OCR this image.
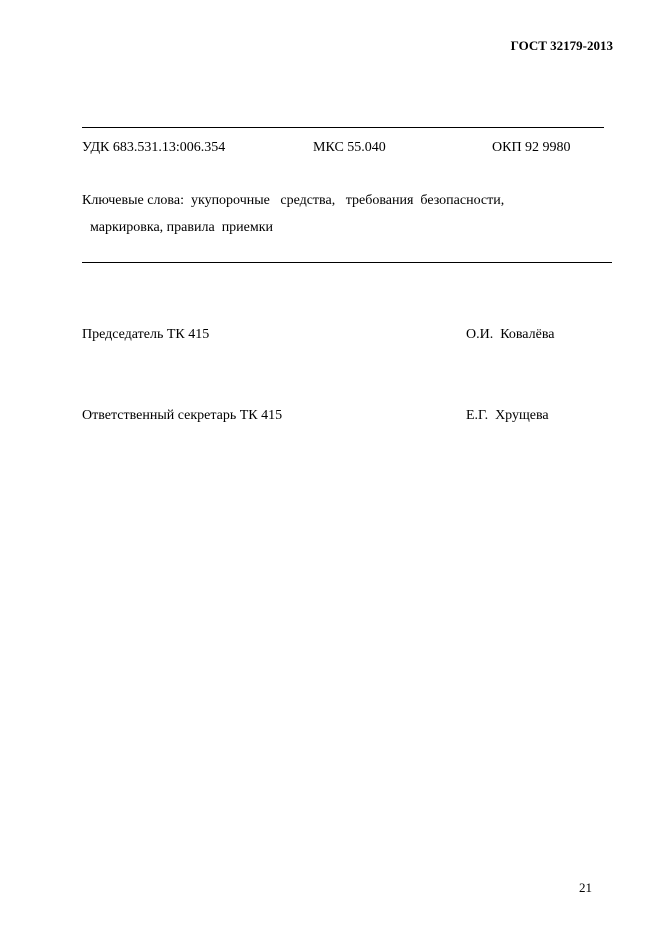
ГОСТ 32179-2013
УДК 683.531.13:006.354	МКС 55.040	ОКП 92 9980
Ключевые слова:  укупорочные   средства,   требования  безопасности,
маркировка, правила  приемки
Председатель ТК 415	О.И.  Ковалёва
Ответственный секретарь ТК 415	Е.Г.  Хрущева
21
